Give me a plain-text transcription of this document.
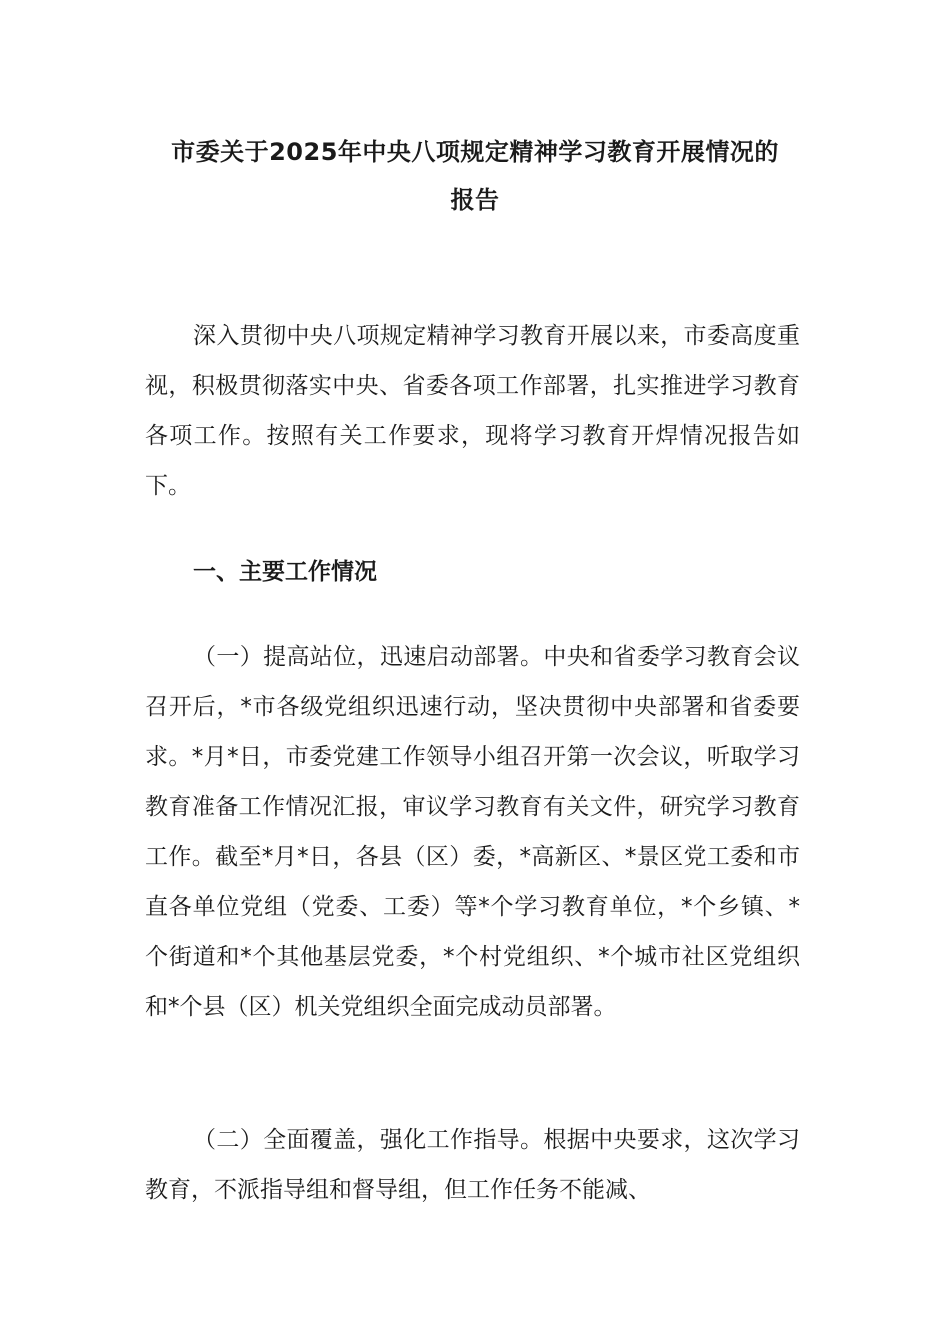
市委关于2025年中央八项规定精神学习教育开展情况的
报告

深入贯彻中央八项规定精神学习教育开展以来，市委高度重视，积极贯彻落实中央、省委各项工作部署，扎实推进学习教育各项工作。按照有关工作要求，现将学习教育开焊情况报告如下。

一、主要工作情况

（一）提高站位，迅速启动部署。中央和省委学习教育会议召开后，*市各级党组织迅速行动，坚决贯彻中央部署和省委要求。*月*日，市委党建工作领导小组召开第一次会议，听取学习教育准备工作情况汇报，审议学习教育有关文件，研究学习教育工作。截至*月*日，各县（区）委，*高新区、*景区党工委和市直各单位党组（党委、工委）等*个学习教育单位，*个乡镇、*个街道和*个其他基层党委，*个村党组织、*个城市社区党组织和*个县（区）机关党组织全面完成动员部署。

（二）全面覆盖，强化工作指导。根据中央要求，这次学习教育，不派指导组和督导组，但工作任务不能减、
